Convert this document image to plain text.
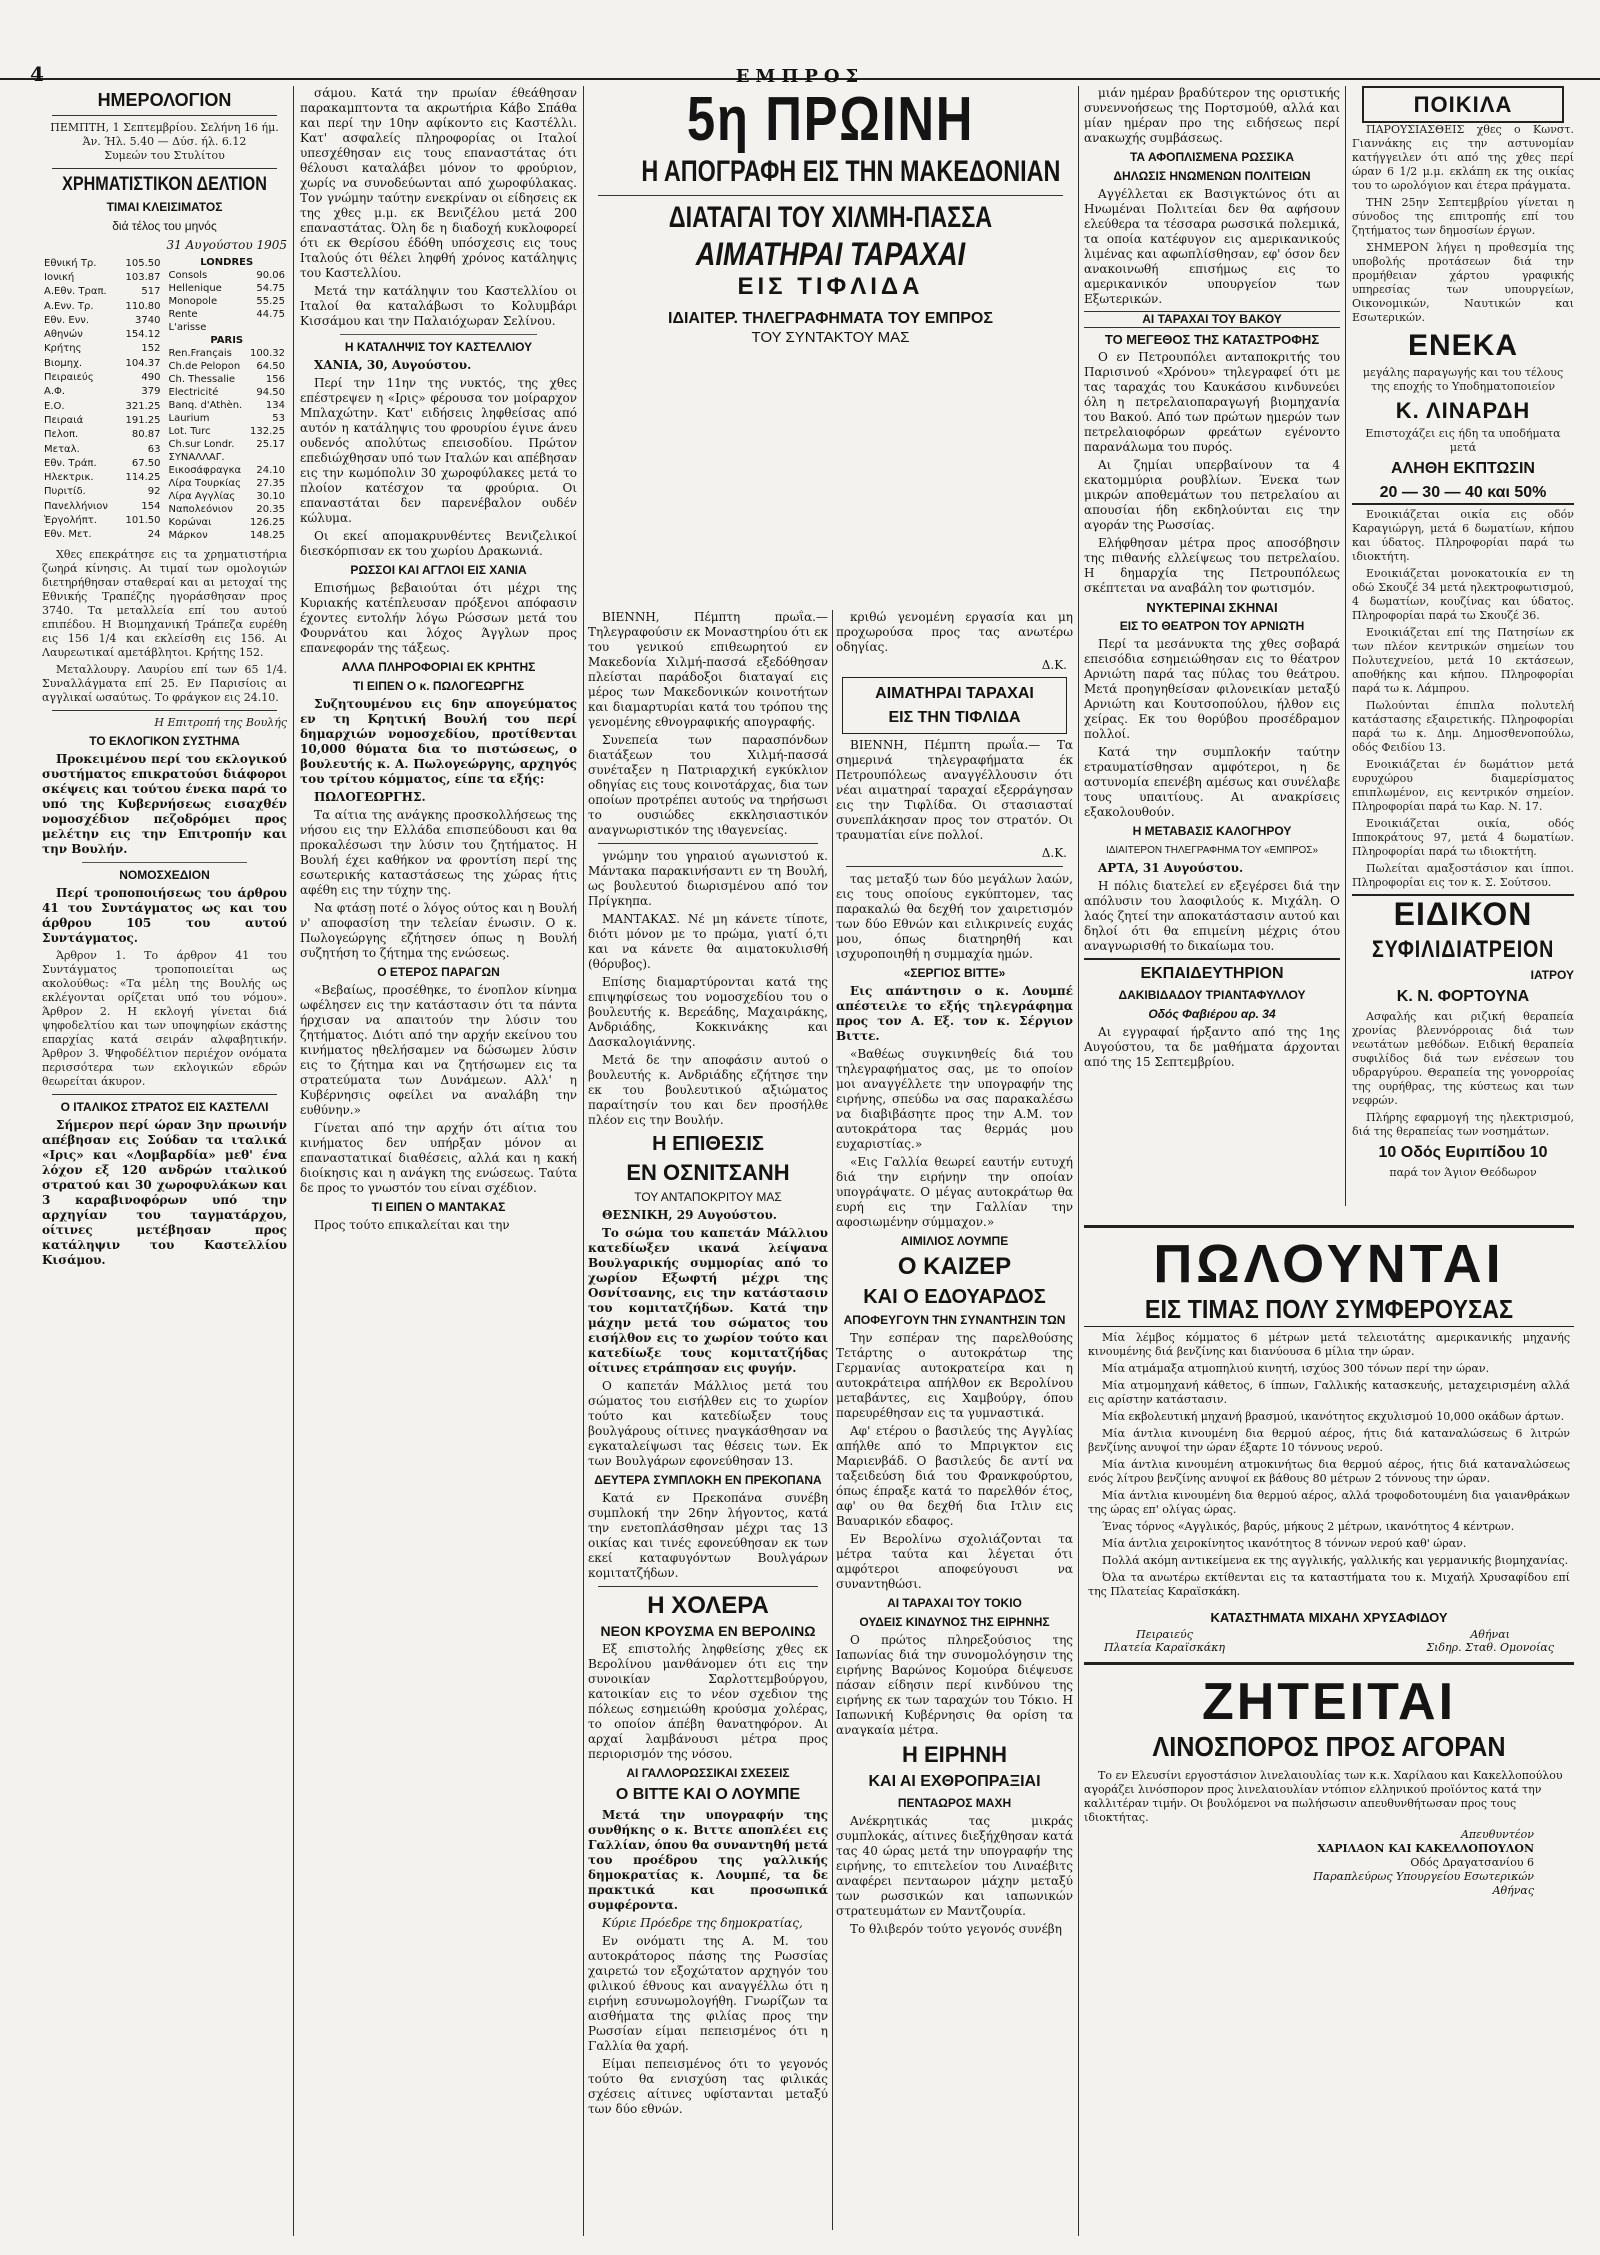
4	ΕΜΠΡΟΣ
ΗΜΕΡΟΛΟΓΙΟΝ
ΠΕΜΠΤΗ, 1 Σεπτεμβρίου. Σελήνη 16 ήμ.
Άν. Ήλ. 5.40 — Δύσ. ήλ. 6.12
Συμεών του Στυλίτου
ΧΡΗΜΑΤΙΣΤΙΚΟΝ ΔΕΛΤΙΟΝ
ΤΙΜΑΙ ΚΛΕΙΣΙΜΑΤΟΣ
διά τέλος του μηνός
31 Αυγούστου 1905
Εθνική Τρ.	105.50
Ιονική	103.87
Α.Εθν. Τραπ.	517
Α.Ενν. Τρ.	110.80
Εθν. Ενν.	3740
Αθηνών	154.12
Κρήτης	152
Βιομηχ.	104.37
Πειραιεύς	490
Α.Φ.	379
Ε.Ο.	321.25
Πειραιά	191.25
Πελοπ.	80.87
Μεταλ.	63
Εθν. Τράπ.	67.50
Ηλεκτρικ.	114.25
Πυριτίδ.	92
Πανελλήνιον	154
Ἐργολήπτ.	101.50
Εθν. Μετ.	24
LONDRES	
Consols	90.06
Hellenique	54.75
Monopole	55.25
Rente	44.75
L'arisse	
PARIS	
Ren.Français	100.32
Ch.de Pelopon	64.50
Ch. Thessalie	156
Electricité	94.50
Banq. d'Athèn.	134
Laurium	53
Lot. Turc	132.25
Ch.sur Londr.	25.17
ΣΥΝΑΛΛΑΓ.	
Εικοσάφραγκα	24.10
Λίρα Τουρκίας	27.35
Λίρα Αγγλίας	30.10
Ναπολεόνιον	20.35
Κορώναι	126.25
Μάρκον	148.25

Χθες επεκράτησε εις τα χρηματιστήρια ζωηρά κίνησις. Αι τιμαί των ομολογιών διετηρήθησαν σταθεραί και αι μετοχαί της Εθνικής Τραπέζης ηγοράσθησαν προς 3740. Τα μεταλλεία επί του αυτού επιπέδου. Η Βιομηχανική Τράπεζα ευρέθη εις 156 1/4 και εκλείσθη εις 156. Αι Λαυρεωτικαί αμετάβλητοι. Κρήτης 152.

Μεταλλουργ. Λαυρίου επί των 65 1/4. Συναλλάγματα επί 25. Εν Παρισίοις αι αγγλικαί ωσαύτως. Το φράγκον εις 24.10.

Η Επιτροπή της Βουλής
ΤΟ ΕΚΛΟΓΙΚΟΝ ΣΥΣΤΗΜΑ

Προκειμένου περί του εκλογικού συστήματος επικρατούσι διάφοροι σκέψεις και τούτου ένεκα παρά το υπό της Κυβερνήσεως εισαχθέν νομοσχέδιον πεζοδρόμει προς μελέτην εις την Επιτροπήν και την Βουλήν.

ΝΟΜΟΣΧΕΔΙΟΝ

Περί τροποποιήσεως του άρθρου 41 του Συντάγματος ως και του άρθρου 105 του αυτού Συντάγματος.

Άρθρον 1. Το άρθρον 41 του Συντάγματος τροποποιείται ως ακολούθως: «Τα μέλη της Βουλής ως εκλέγονται ορίζεται υπό του νόμου». Άρθρον 2. Η εκλογή γίνεται διά ψηφοδελτίου και των υποψηφίων εκάστης επαρχίας κατά σειράν αλφαβητικήν. Άρθρον 3. Ψηφοδέλτιον περιέχον ονόματα περισσότερα των εκλογικών εδρών θεωρείται άκυρον.

Ο ΙΤΑΛΙΚΟΣ ΣΤΡΑΤΟΣ ΕΙΣ ΚΑΣΤΕΛΛΙ

Σήμερον περί ώραν 3ην πρωινήν απέβησαν εις Σούδαν τα ιταλικά «Ιρις» και «Λομβαρδία» μεθ' ένα λόχον εξ 120 ανδρών ιταλικού στρατού και 30 χωροφυλάκων και 3 καραβινοφόρων υπό την αρχηγίαν του ταγματάρχου, οίτινες μετέβησαν προς κατάληψιν του Καστελλίου Κισάμου.

σάμου. Κατά την πρωίαν έθεάθησαν παρακαμπτοντα τα ακρωτήρια Κάβο Σπάθα και περί την 10ην αφίκοντο εις Καστέλλι. Κατ' ασφαλείς πληροφορίας οι Ιταλοί υπεσχέθησαν εις τους επαναστάτας ότι θέλουσι καταλάβει μόνον το φρούριον, χωρίς να συνοδεύωνται από χωροφύλακας. Τον γνώμην ταύτην ενεκρίναν οι είδησεις εκ της χθες μ.μ. εκ Βενιζέλου μετά 200 επαναστάτας. Όλη δε η διαδοχή κυκλοφορεί ότι εκ Θερίσου έδόθη υπόσχεσις εις τους Ιταλούς ότι θέλει ληφθή χρόνος κατάληψις του Καστελλίου.

Μετά την κατάληψιν του Καστελλίου οι Ιταλοί θα καταλάβωσι το Κολυμβάρι Κισσάμου και την Παλαιόχωραν Σελίνου.

Η ΚΑΤΑΛΗΨΙΣ ΤΟΥ ΚΑΣΤΕΛΛΙΟΥ

ΧΑΝΙΑ, 30, Αυγούστου.

Περί την 11ην της νυκτός, της χθες επέστρεψεν η «Ιρις» φέρουσα τον μοίραρχον Μπλαχώτην. Κατ' ειδήσεις ληφθείσας από αυτόν η κατάληψις του φρουρίου έγινε άνευ ουδενός απολύτως επεισοδίου. Πρώτον επεδιώχθησαν υπό των Ιταλών και απέβησαν εις την κωμόπολιν 30 χωροφύλακες μετά το πλοίον κατέσχον τα φρούρια. Οι επαναστάται δεν παρενέβαλον ουδέν κώλυμα.

Οι εκεί απομακρυνθέντες Βενιζελικοί διεσκόρπισαν εκ του χωρίου Δρακωνιά.

ΡΩΣΣΟΙ ΚΑΙ ΑΓΓΛΟΙ ΕΙΣ ΧΑΝΙΑ

Επισήμως βεβαιούται ότι μέχρι της Κυριακής κατέπλευσαν πρόξενοι απόφασιν έχοντες εντολήν λόγω Ρώσσων μετά του Φουρνάτου και λόχος Άγγλων προς επανεφοράν της τάξεως.

ΑΛΛΑ ΠΛΗΡΟΦΟΡΙΑΙ ΕΚ ΚΡΗΤΗΣ
ΤΙ ΕΙΠΕΝ Ο κ. ΠΩΛΟΓΕΩΡΓΗΣ

Συζητουμένου εις 6ην απογεύματος εν τη Κρητική Βουλή του περί δημαρχιών νομοσχεδίου, προτίθενται 10,000 θύματα δια το πιστώσεως, ο βουλευτής κ. Α. Πωλογεώργης, αρχηγός του τρίτου κόμματος, είπε τα εξής:

ΠΩΛΟΓΕΩΡΓΗΣ.

Τα αίτια της ανάγκης προσκολλήσεως της νήσου εις την Ελλάδα επισπεύδουσι και θα προκαλέσωσι την λύσιν του ζητήματος. Η Βουλή έχει καθήκον να φροντίση περί της εσωτερικής καταστάσεως της χώρας ήτις αφέθη εις την τύχην της.

Να φτάσῃ ποτέ ο λόγος ούτος και η Βουλή ν' αποφασίση την τελείαν ένωσιν. Ο κ. Πωλογεώργης εζήτησεν όπως η Βουλή συζητήση το ζήτημα της ενώσεως.

Ο ΕΤΕΡΟΣ ΠΑΡΑΓΩΝ

«Βεβαίως, προσέθηκε, το ένοπλον κίνημα ωφέλησεν εις την κατάστασιν ότι τα πάντα ήρχισαν να απαιτούν την λύσιν του ζητήματος. Διότι από την αρχήν εκείνου του κινήματος ηθελήσαμεν να δώσωμεν λύσιν εις το ζήτημα και να ζητήσωμεν εις τα στρατεύματα των Δυνάμεων. Αλλ' η Κυβέρνησις οφείλει να αναλάβη την ευθύνην.»

Γίνεται από την αρχήν ότι αίτια του κινήματος δεν υπήρξαν μόνον αι επαναστατικαί διαθέσεις, αλλά και η κακή διοίκησις και η ανάγκη της ενώσεως. Ταύτα δε προς το γνωστόν του είναι σχέδιον.

ΤΙ ΕΙΠΕΝ Ο ΜΑΝΤΑΚΑΣ

Προς τούτο επικαλείται και την

5η ΠΡΩΙΝΗ
Η ΑΠΟΓΡΑΦΗ ΕΙΣ ΤΗΝ ΜΑΚΕΔΟΝΙΑΝ
ΔΙΑΤΑΓΑΙ ΤΟΥ ΧΙΛΜΗ-ΠΑΣΣΑ
ΑΙΜΑΤΗΡΑΙ ΤΑΡΑΧΑΙ
ΕΙΣ ΤΙΦΛΙΔΑ
ΙΔΙΑΙΤΕΡ. ΤΗΛΕΓΡΑΦΗΜΑΤΑ ΤΟΥ ΕΜΠΡΟΣ
ΤΟΥ ΣΥΝΤΑΚΤΟΥ ΜΑΣ

ΒΙΕΝΝΗ, Πέμπτη πρωΐα.— Τηλεγραφούσιν εκ Μοναστηρίου ότι εκ του γενικού επιθεωρητού εν Μακεδονία Χιλμή-πασσά εξεδόθησαν πλείσται παράδοξοι διαταγαί εις μέρος των Μακεδονικών κοινοτήτων και διαμαρτυρίαι κατά του τρόπου της γενομένης εθνογραφικής απογραφής.

Συνεπεία των παρασπόνδων διατάξεων του Χιλμή-πασσά συνέταξεν η Πατριαρχική εγκύκλιον οδηγίας εις τους κοινοτάρχας, δια των οποίων προτρέπει αυτούς να τηρήσωσι το ουσιώδες εκκλησιαστικόν αναγνωριστικόν της ιθαγενείας.

γνώμην του γηραιού αγωνιστού κ. Μάντακα παρακινήσαντι εν τη Βουλή, ως βουλευτού διωρισμένου από τον Πρίγκηπα.

ΜΑΝΤΑΚΑΣ. Νέ μη κάνετε τίποτε, διότι μόνον με το πρώμα, γιατί ό,τι και να κάνετε θα αιματοκυλισθή (θόρυβος).

Επίσης διαμαρτύρονται κατά της επιψηφίσεως του νομοσχεδίου του ο βουλευτής κ. Βερεάδης, Μαχαιράκης, Ανδριάδης, Κοκκινάκης και Δασκαλογιάννης.

Μετά δε την αποφάσιν αυτού ο βουλευτής κ. Ανδριάδης εζήτησε την εκ του βουλευτικού αξιώματος παραίτησίν του και δεν προσήλθε πλέον εις την Βουλήν.

Η ΕΠΙΘΕΣΙΣ
ΕΝ ΟΣΝΙΤΣΑΝΗ
ΤΟΥ ΑΝΤΑΠΟΚΡΙΤΟΥ ΜΑΣ

ΘΕΣΝΙΚΗ, 29 Αυγούστου.

Το σώμα του καπετάν Μάλλιου κατεδίωξεν ικανά λείψανα Βουλγαρικής συμμορίας από το χωρίον Εξωφτή μέχρι της Οσνίτσανης, εις την κατάστασιν του κομιτατζήδων. Κατά την μάχην μετά του σώματος του εισήλθον εις το χωρίον τούτο και κατεδίωξε τους κομιτατζήδας οίτινες ετράπησαν εις φυγήν.

Ο καπετάν Μάλλιος μετά του σώματος του εισήλθεν εις το χωρίον τούτο και κατεδίωξεν τους βουλγάρους οίτινες ηναγκάσθησαν να εγκαταλείψωσι τας θέσεις των. Εκ των Βουλγάρων εφονεύθησαν 13.

ΔΕΥΤΕΡΑ ΣΥΜΠΛΟΚΗ ΕΝ ΠΡΕΚΟΠΑΝΑ

Κατά εν Πρεκοπάνα συνέβη συμπλοκή την 26ην λήγοντος, κατά την ενετοπλάσθησαν μέχρι τας 13 οικίας και τινές εφονεύθησαν εκ των εκεί καταφυγόντων Βουλγάρων κομιτατζήδων.

Η ΧΟΛΕΡΑ
ΝΕΟΝ ΚΡΟΥΣΜΑ ΕΝ ΒΕΡΟΛΙΝΩ

Εξ επιστολής ληφθείσης χθες εκ Βερολίνου μανθάνομεν ότι εις την συνοικίαν Σαρλοττεμβούργου, κατοικίαν εις το νέον σχεδιον της πόλεως εσημειώθη κρούσμα χολέρας, το οποίον άπέβη θανατηφόρον. Αι αρχαί λαμβάνουσι μέτρα προς περιορισμόν της νόσου.

ΑΙ ΓΑΛΛΟΡΩΣΣΙΚΑΙ ΣΧΕΣΕΙΣ
Ο ΒΙΤΤΕ ΚΑΙ Ο ΛΟΥΜΠΕ

Μετά την υπογραφήν της συνθήκης ο κ. Βιττε αποπλέει εις Γαλλίαν, όπου θα συναντηθή μετά του προέδρου της γαλλικής δημοκρατίας κ. Λουμπέ, τα δε πρακτικά και προσωπικά συμφέροντα.

Κύριε Πρόεδρε της δημοκρατίας,

Εν ονόματι της Α. Μ. του αυτοκράτορος πάσης της Ρωσσίας χαιρετώ τον εξοχώτατον αρχηγόν του φιλικού έθνους και αναγγέλλω ότι η ειρήνη εσυνωμολογήθη. Γνωρίζων τα αισθήματα της φιλίας προς την Ρωσσίαν είμαι πεπεισμένος ότι η Γαλλία θα χαρή.

Είμαι πεπεισμένος ότι το γεγονός τούτο θα ενισχύση τας φιλικάς σχέσεις αίτινες υφίστανται μεταξύ των δύο εθνών.

κριθώ γενομένη εργασία και μη προχωρούσα προς τας ανωτέρω οδηγίας.

Δ.Κ.
ΑΙΜΑΤΗΡΑΙ ΤΑΡΑΧΑΙ
ΕΙΣ ΤΗΝ ΤΙΦΛΙΔΑ

ΒΙΕΝΝΗ, Πέμπτη πρωΐα.— Τα σημερινά τηλεγραφήματα έκ Πετρουπόλεως αναγγέλλουσιν ότι νέαι αιματηραί ταραχαί εξερράγησαν εις την Τιφλίδα. Οι στασιασταί συνεπλάκησαν προς τον στρατόν. Οι τραυματίαι είνε πολλοί.

Δ.Κ.

τας μεταξύ των δύο μεγάλων λαών, εις τους οποίους εγκύπτομεν, τας παρακαλώ θα δεχθή τον χαιρετισμόν των δύο Εθνών και ειλικρινείς ευχάς μου, όπως διατηρηθή και ισχυροποιηθή η συμμαχία ημών.

«ΣΕΡΓΙΟΣ ΒΙΤΤΕ»

Εις απάντησιν ο κ. Λουμπέ απέστειλε το εξής τηλεγράφημα προς τον Α. Εξ. τον κ. Σέργιον Βιττε.

«Βαθέως συγκινηθείς διά του τηλεγραφήματος σας, με το οποίον μοι αναγγέλλετε την υπογραφήν της ειρήνης, σπεύδω να σας παρακαλέσω να διαβιβάσητε προς την Α.Μ. τον αυτοκράτορα τας θερμάς μου ευχαριστίας.»

«Εις Γαλλία θεωρεί εαυτήν ευτυχή διά την ειρήνην την οποίαν υπογράψατε. Ο μέγας αυτοκράτωρ θα ευρή εις την Γαλλίαν την αφοσιωμένην σύμμαχον.»

ΑΙΜΙΛΙΟΣ ΛΟΥΜΠΕ
Ο ΚΑΙΖΕΡ
ΚΑΙ Ο ΕΔΟΥΑΡΔΟΣ
ΑΠΟΦΕΥΓΟΥΝ ΤΗΝ ΣΥΝΑΝΤΗΣΙΝ ΤΩΝ

Την εσπέραν της παρελθούσης Τετάρτης ο αυτοκράτωρ της Γερμανίας αυτοκρατείρα και η αυτοκράτειρα απήλθον εκ Βερολίνου μεταβάντες, εις Χαμβούργ, όπου παρευρέθησαν εις τα γυμναστικά.

Αφ' ετέρου ο βασιλεύς της Αγγλίας απήλθε από το Μπριγκτον εις Μαριενβάδ. Ο βασιλεύς δε αντί να ταξειδεύση διά του Φρανκφούρτου, όπως έπραξε κατά το παρελθόν έτος, αφ' ου θα δεχθή δια Ιτλιν εις Βαυαρικόν εδαφος.

Εν Βερολίνω σχολιάζονται τα μέτρα ταύτα και λέγεται ότι αμφότεροι αποφεύγουσι να συναντηθώσι.

ΑΙ ΤΑΡΑΧΑΙ ΤΟΥ ΤΟΚΙΟ
ΟΥΔΕΙΣ ΚΙΝΔΥΝΟΣ ΤΗΣ ΕΙΡΗΝΗΣ

Ο πρώτος πληρεξούσιος της Ιαπωνίας διά την συνομολόγησιν της ειρήνης Βαρώνος Κομούρα διέψευσε πάσαν είδησιν περί κινδύνου της ειρήνης εκ των ταραχών του Τόκιο. Η Ιαπωνική Κυβέρνησις θα ορίση τα αναγκαία μέτρα.

Η ΕΙΡΗΝΗ
ΚΑΙ ΑΙ ΕΧΘΡΟΠΡΑΞΙΑΙ
ΠΕΝΤΑΩΡΟΣ ΜΑΧΗ

Ανέκρητικάς τας μικράς συμπλοκάς, αίτινες διεξήχθησαν κατά τας 40 ώρας μετά την υπογραφήν της ειρήνης, το επιτελείον του Λιναέβιτς αναφέρει πενταωρον μάχην μεταξύ των ρωσσικών και ιαπωνικών στρατευμάτων εν Μαντζουρία.

Το θλιβερόν τούτο γεγονός συνέβη

μιάν ημέραν βραδύτερον της οριστικής συνεννοήσεως της Πορτσμούθ, αλλά και μίαν ημέραν προ της ειδήσεως περί ανακωχής συμβάσεως.

ΤΑ ΑΦΟΠΛΙΣΜΕΝΑ ΡΩΣΣΙΚΑ
ΔΗΛΩΣΙΣ ΗΝΩΜΕΝΩΝ ΠΟΛΙΤΕΙΩΝ

Αγγέλλεται εκ Βασιγκτώνος ότι αι Ηνωμέναι Πολιτείαι δεν θα αφήσουν ελεύθερα τα τέσσαρα ρωσσικά πολεμικά, τα οποία κατέφυγον εις αμερικανικούς λιμένας και αφωπλίσθησαν, εφ' όσον δεν ανακοινωθή επισήμως εις το αμερικανικόν υπουργείον των Εξωτερικών.

ΑΙ ΤΑΡΑΧΑΙ ΤΟΥ ΒΑΚΟΥ
ΤΟ ΜΕΓΕΘΟΣ ΤΗΣ ΚΑΤΑΣΤΡΟΦΗΣ

Ο εν Πετρουπόλει ανταποκριτής του Παρισινού «Χρόνου» τηλεγραφεί ότι με τας ταραχάς του Καυκάσου κινδυνεύει όλη η πετρελαιοπαραγωγή βιομηχανία του Βακού. Από των πρώτων ημερών των πετρελαιοφόρων φρεάτων εγένοντο παρανάλωμα του πυρός.

Αι ζημίαι υπερβαίνουν τα 4 εκατομμύρια ρουβλίων. Ένεκα των μικρών αποθεμάτων του πετρελαίου αι απουσίαι ήδη εκδηλούνται εις την αγοράν της Ρωσσίας.

Ελήφθησαν μέτρα προς αποσόβησιν της πιθανής ελλείψεως του πετρελαίου. Η δημαρχία της Πετρουπόλεως σκέπτεται να αναβάλη τον φωτισμόν.

ΝΥΚΤΕΡΙΝΑΙ ΣΚΗΝΑΙ
ΕΙΣ ΤΟ ΘΕΑΤΡΟΝ ΤΟΥ ΑΡΝΙΩΤΗ

Περί τα μεσάνυκτα της χθες σοβαρά επεισόδια εσημειώθησαν εις το θέατρον Αρνιώτη παρά τας πύλας του θεάτρου. Μετά προηγηθείσαν φιλονεικίαν μεταξύ Αρνιώτη και Κουτσοπούλου, ήλθον εις χείρας. Εκ του θορύβου προσέδραμον πολλοί.

Κατά την συμπλοκήν ταύτην ετραυματίσθησαν αμφότεροι, η δε αστυνομία επενέβη αμέσως και συνέλαβε τους υπαιτίους. Αι ανακρίσεις εξακολουθούν.

Η ΜΕΤΑΒΑΣΙΣ ΚΑΛΟΓΗΡΟΥ
ΙΔΙΑΙΤΕΡΟΝ ΤΗΛΕΓΡΑΦΗΜΑ ΤΟΥ «ΕΜΠΡΟΣ»

ΑΡΤΑ, 31 Αυγούστου.

Η πόλις διατελεί εν εξεγέρσει διά την απόλυσιν του λαοφιλούς κ. Μιχάλη. Ο λαός ζητεί την αποκατάστασιν αυτού και δηλοί ότι θα επιμείνη μέχρις ότου αναγνωρισθή το δικαίωμα του.

ΕΚΠΑΙΔΕΥΤΗΡΙΟΝ
ΔΑΚΙΒΙΔΑΔΟΥ ΤΡΙΑΝΤΑΦΥΛΛΟΥ
Οδός Φαβιέρου αρ. 34

Αι εγγραφαί ήρξαντο από της 1ης Αυγούστου, τα δε μαθήματα άρχονται από της 15 Σεπτεμβρίου.

ΠΟΙΚΙΛΑ

ΠΑΡΟΥΣΙΑΣΘΕΙΣ χθες ο Κωνστ. Γιαννάκης εις την αστυνομίαν κατήγγειλεν ότι από της χθες περί ώραν 6 1/2 μ.μ. εκλάπη εκ της οικίας του το ωρολόγιον και έτερα πράγματα.

ΤΗΝ 25ην Σεπτεμβρίου γίνεται η σύνοδος της επιτροπής επί του ζητήματος των δημοσίων έργων.

ΣΗΜΕΡΟΝ λήγει η προθεσμία της υποβολής προτάσεων διά την προμήθειαν χάρτου γραφικής υπηρεσίας των υπουργείων, Οικονομικών, Ναυτικών και Εσωτερικών.

ΕΝΕΚΑ
μεγάλης παραγωγής και του τέλους της εποχής το Υποδηματοποιείον
Κ. ΛΙΝΑΡΔΗ
Επιστοχάζει εις ήδη τα υποδήματα μετά
ΑΛΗΘΗ ΕΚΠΤΩΣΙΝ
20 — 30 — 40 και 50%

Ενοικιάζεται οικία εις οδόν Καραγιώργη, μετά 6 δωματίων, κήπου και ύδατος. Πληροφορίαι παρά τω ιδιοκτήτη.

Ενοικιάζεται μονοκατοικία εν τη οδώ Σκουζέ 34 μετά ηλεκτροφωτισμού, 4 δωματίων, κουζίνας και ύδατος. Πληροφορίαι παρά τω Σκουζέ 36.

Ενοικιάζεται επί της Πατησίων εκ των πλέον κεντρικών σημείων του Πολυτεχνείου, μετά 10 εκτάσεων, αποθήκης και κήπου. Πληροφορίαι παρά τω κ. Λάμπρου.

Πωλούνται έπιπλα πολυτελή κατάστασης εξαιρετικής. Πληροφορίαι παρά τω κ. Δημ. Δημοσθενοπούλω, οδός Φειδίου 13.

Ενοικιάζεται έν δωμάτιον μετά ευρυχώρου διαμερίσματος επιπλωμένον, εις κεντρικόν σημείον. Πληροφορίαι παρά τω Καρ. Ν. 17.

Ενοικιάζεται οικία, οδός Ιπποκράτους 97, μετά 4 δωματίων. Πληροφορίαι παρά τω ιδιοκτήτη.

Πωλείται αμαξοστάσιον και ίπποι. Πληροφορίαι εις τον κ. Σ. Σούτσου.

ΕΙΔΙΚΟΝ
ΣΥΦΙΛΙΔΙΑΤΡΕΙΟΝ
ΙΑΤΡΟΥ
Κ. Ν. ΦΟΡΤΟΥΝΑ

Ασφαλής και ριζική θεραπεία χρονίας βλεννόρροιας διά των νεωτάτων μεθόδων. Ειδική θεραπεία συφιλίδος διά των ενέσεων του υδραργύρου. Θεραπεία της γονορροίας της ουρήθρας, της κύστεως και των νεφρών.

Πλήρης εφαρμογή της ηλεκτρισμού, διά της θεραπείας των νοσημάτων.

10 Οδός Ευριπίδου 10
παρά τον Άγιον Θεόδωρον
ΠΩΛΟΥΝΤΑΙ
ΕΙΣ ΤΙΜΑΣ ΠΟΛΥ ΣΥΜΦΕΡΟΥΣΑΣ

Μία λέμβος κόμματος 6 μέτρων μετά τελειοτάτης αμερικανικής μηχανής κινουμένης διά βενζίνης και διανύουσα 6 μίλια την ώραν.

Μία ατμάμαξα ατμοπηλιού κινητή, ισχύος 300 τόνων περί την ώραν.

Μία ατμομηχανή κάθετος, 6 ίππων, Γαλλικής κατασκευής, μεταχειρισμένη αλλά εις αρίστην κατάστασιν.

Μία εκβολευτική μηχανή βρασμού, ικανότητος εκχυλισμού 10,000 οκάδων άρτων.

Μία άντλια κινουμένη δια θερμού αέρος, ήτις διά καταναλώσεως 6 λιτρών βενζίνης ανυψοί την ώραν έξαρτε 10 τόννους νερού.

Μία άντλια κινουμένη ατμοκινήτως δια θερμού αέρος, ήτις διά καταναλώσεως ενός λίτρου βενζίνης ανυψοί εκ βάθους 80 μέτρων 2 τόννους την ώραν.

Μία άντλια κινουμένη δια θερμού αέρος, αλλά τροφοδοτουμένη δια γαιανθράκων της ώρας επ' ολίγας ώρας.

Ένας τόρνος «Αγγλικός, βαρύς, μήκους 2 μέτρων, ικανότητος 4 κέντρων.

Μία άντλια χειροκίνητος ικανότητος 8 τόννων νερού καθ' ώραν.

Πολλά ακόμη αντικείμενα εκ της αγγλικής, γαλλικής και γερμανικής βιομηχανίας.

Όλα τα ανωτέρω εκτίθενται εις τα καταστήματα του κ. Μιχαήλ Χρυσαφίδου επί της Πλατείας Καραϊσκάκη.

ΚΑΤΑΣΤΗΜΑΤΑ ΜΙΧΑΗΛ ΧΡΥΣΑΦΙΔΟΥ
Πειραιεύς
Πλατεία Καραϊσκάκη
Αθήναι
Σιδηρ. Σταθ. Ομονοίας
ΖΗΤΕΙΤΑΙ
ΛΙΝΟΣΠΟΡΟΣ ΠΡΟΣ ΑΓΟΡΑΝ

Το εν Ελευσίνι εργοστάσιον λινελαιουλίας των κ.κ. Χαρίλαου και Κακελλοπούλου αγοράζει λινόσπορον προς λινελαιουλίαν ντόπιον ελληνικού προϊόντος κατά την καλλιτέραν τιμήν. Οι βουλόμενοι να πωλήσωσιν απευθυνθήτωσαν προς τους ιδιοκτήτας.

Απευθυντέον
ΧΑΡΙΛΑΟΝ ΚΑΙ ΚΑΚΕΛΛΟΠΟΥΛΟΝ
Οδός Δραγατσανίου 6
Παραπλεύρως Υπουργείου Εσωτερικών
Αθήνας
